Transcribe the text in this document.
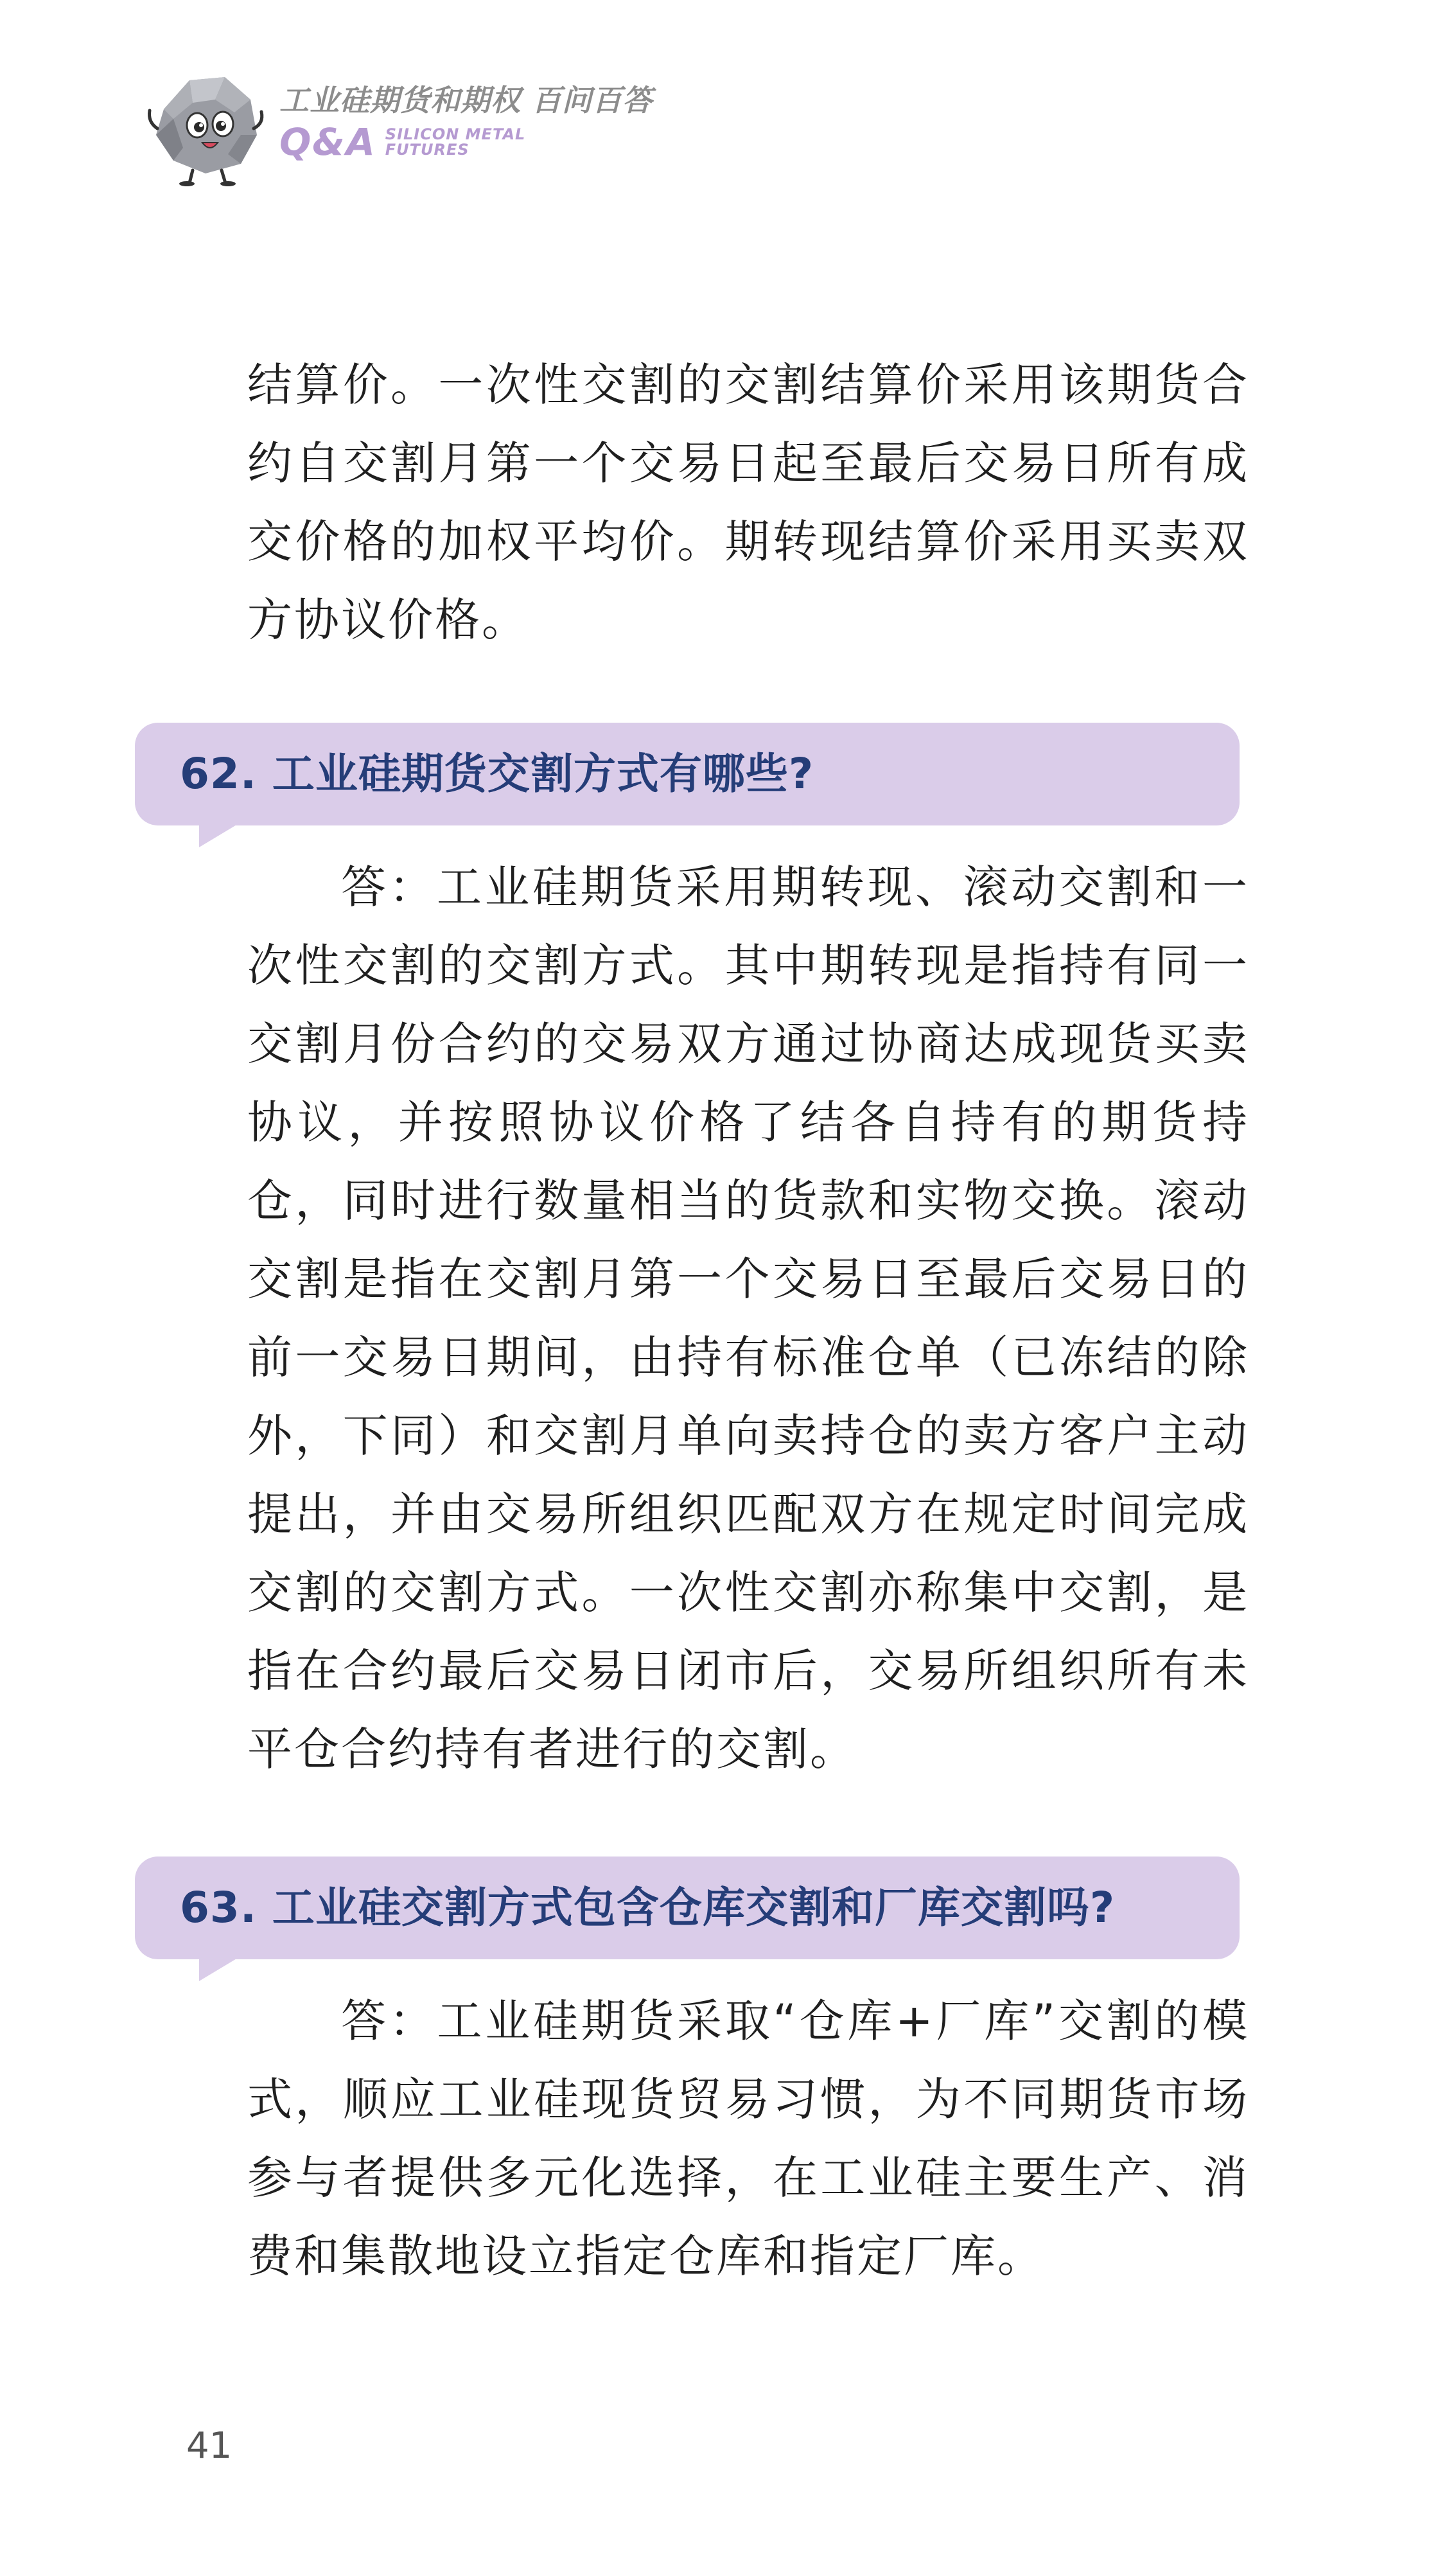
工业硅期货和期权 百问百答
Q&A SILICON METAL
FUTURES

结算价。一次性交割的交割结算价采用该期货合约自交割月第一个交易日起至最后交易日所有成交价格的加权平均价。期转现结算价采用买卖双方协议价格。

62. 工业硅期货交割方式有哪些?

答：工业硅期货采用期转现、滚动交割和一次性交割的交割方式。其中期转现是指持有同一交割月份合约的交易双方通过协商达成现货买卖协议，并按照协议价格了结各自持有的期货持仓，同时进行数量相当的货款和实物交换。滚动交割是指在交割月第一个交易日至最后交易日的前一交易日期间，由持有标准仓单（已冻结的除外，下同）和交割月单向卖持仓的卖方客户主动提出，并由交易所组织匹配双方在规定时间完成交割的交割方式。一次性交割亦称集中交割，是指在合约最后交易日闭市后，交易所组织所有未平仓合约持有者进行的交割。

63. 工业硅交割方式包含仓库交割和厂库交割吗?

答：工业硅期货采取“仓库+厂库”交割的模式，顺应工业硅现货贸易习惯，为不同期货市场参与者提供多元化选择，在工业硅主要生产、消费和集散地设立指定仓库和指定厂库。

41
